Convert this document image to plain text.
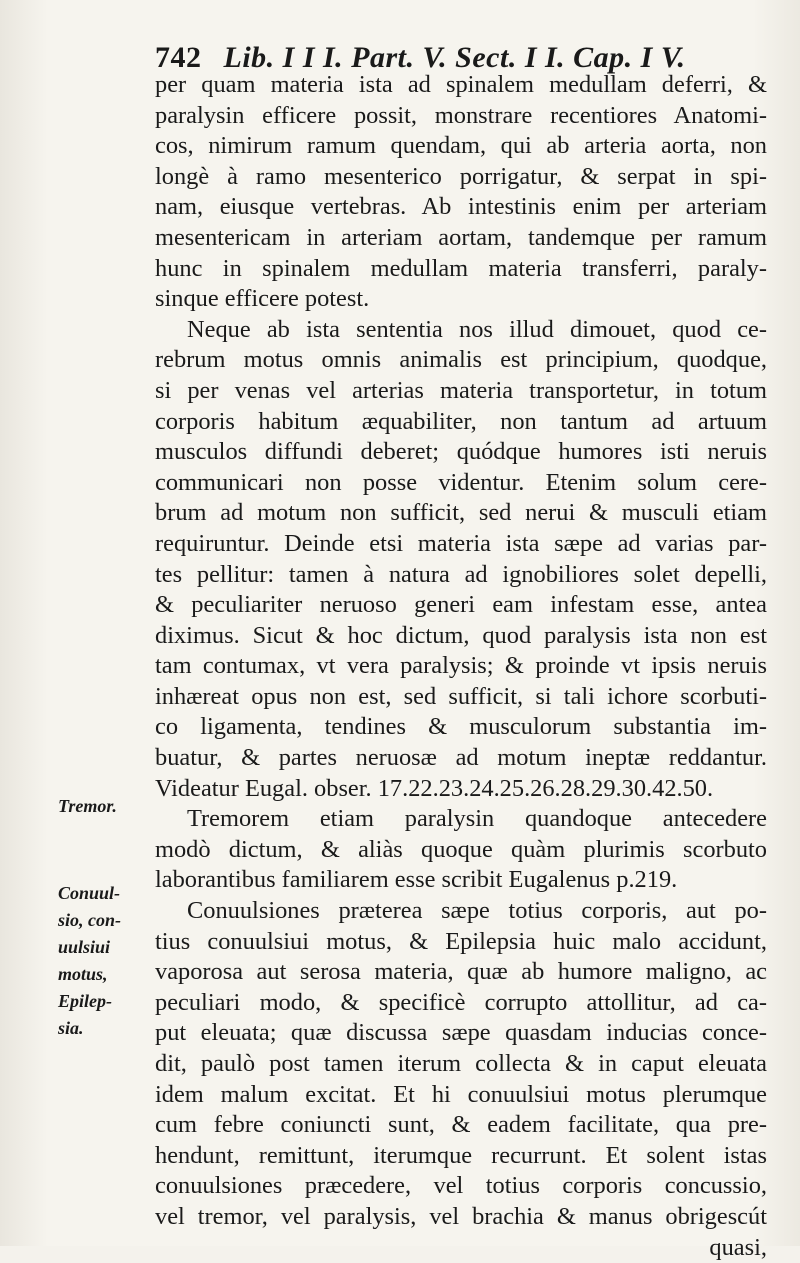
742 Lib. I I I. Part. V. Sect. I I. Cap. I V.
per quam materia ista ad spinalem medullam deferri, &
paralysin efficere possit, monstrare recentiores Anatomi-
cos, nimirum ramum quendam, qui ab arteria aorta, non
longè à ramo mesenterico porrigatur, & serpat in spi-
nam, eiusque vertebras. Ab intestinis enim per arteriam
mesentericam in arteriam aortam, tandemque per ramum
hunc in spinalem medullam materia transferri, paraly-
sinque efficere potest.
Neque ab ista sententia nos illud dimouet, quod ce-
rebrum motus omnis animalis est principium, quodque,
si per venas vel arterias materia transportetur, in totum
corporis habitum æquabiliter, non tantum ad artuum
musculos diffundi deberet; quódque humores isti neruis
communicari non posse videntur. Etenim solum cere-
brum ad motum non sufficit, sed nerui & musculi etiam
requiruntur. Deinde etsi materia ista sæpe ad varias par-
tes pellitur: tamen à natura ad ignobiliores solet depelli,
& peculiariter neruoso generi eam infestam esse, antea
diximus. Sicut & hoc dictum, quod paralysis ista non est
tam contumax, vt vera paralysis; & proinde vt ipsis neruis
inhæreat opus non est, sed sufficit, si tali ichore scorbuti-
co ligamenta, tendines & musculorum substantia im-
buatur, & partes neruosæ ad motum ineptæ reddantur.
Videatur Eugal. obser. 17.22.23.24.25.26.28.29.30.42.50.
Tremorem etiam paralysin quandoque antecedere
modò dictum, & aliàs quoque quàm plurimis scorbuto
laborantibus familiarem esse scribit Eugalenus p.219.
Conuulsiones præterea sæpe totius corporis, aut po-
tius conuulsiui motus, & Epilepsia huic malo accidunt,
vaporosa aut serosa materia, quæ ab humore maligno, ac
peculiari modo, & specificè corrupto attollitur, ad ca-
put eleuata; quæ discussa sæpe quasdam inducias conce-
dit, paulò post tamen iterum collecta & in caput eleuata
idem malum excitat. Et hi conuulsiui motus plerumque
cum febre coniuncti sunt, & eadem facilitate, qua pre-
hendunt, remittunt, iterumque recurrunt. Et solent istas
conuulsiones præcedere, vel totius corporis concussio,
vel tremor, vel paralysis, vel brachia & manus obrigescút
quasi,
Tremor.
Conuul-
sio, con-
uulsiui
motus,
Epilep-
sia.
